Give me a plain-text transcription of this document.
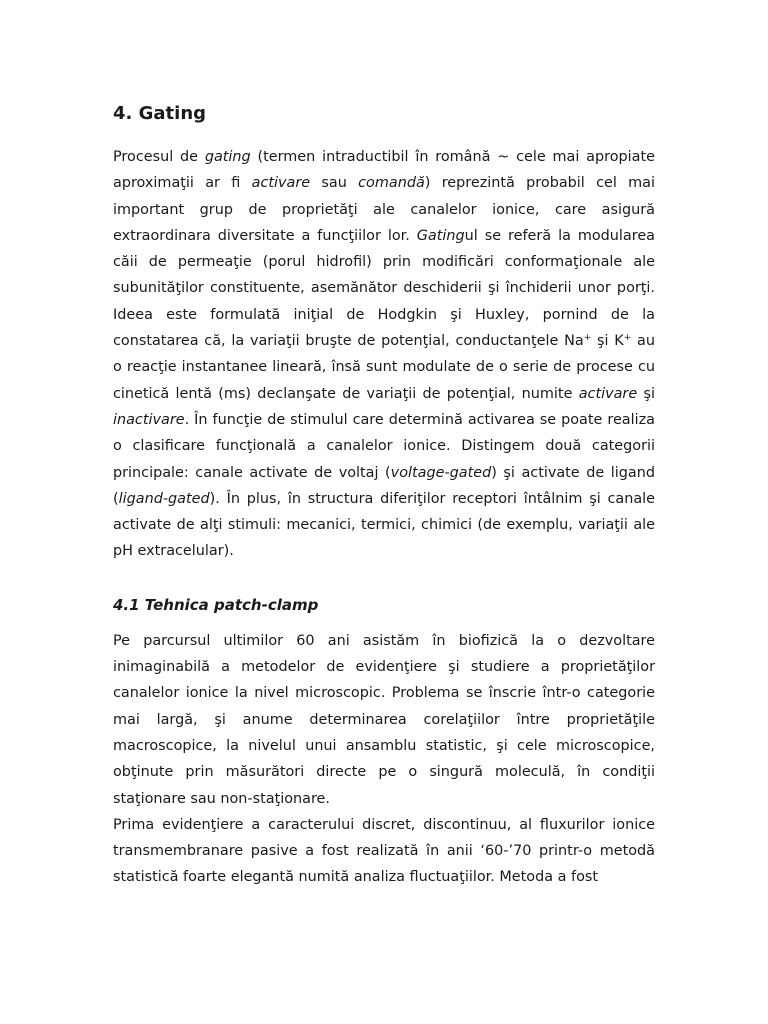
4. Gating

Procesul de gating (termen intraductibil în română ~ cele mai apropiate aproximaţii ar fi activare sau comandă) reprezintă probabil cel mai important grup de proprietăţi ale canalelor ionice, care asigură extraordinara diversitate a funcţiilor lor. Gatingul se referă la modularea căii de permeaţie (porul hidrofil) prin modificări conformaţionale ale subunităţilor constituente, asemănător deschiderii şi închiderii unor porţi. Ideea este formulată iniţial de Hodgkin şi Huxley, pornind de la constatarea că, la variaţii bruşte de potenţial, conductanţele Na+ şi K+ au o reacţie instantanee lineară, însă sunt modulate de o serie de procese cu cinetică lentă (ms) declanşate de variaţii de potenţial, numite activare şi inactivare. În funcţie de stimulul care determină activarea se poate realiza o clasificare funcţională a canalelor ionice. Distingem două categorii principale: canale activate de voltaj (voltage-gated) şi activate de ligand (ligand-gated). În plus, în structura diferiţilor receptori întâlnim şi canale activate de alţi stimuli: mecanici, termici, chimici (de exemplu, variaţii ale pH extracelular).

4.1 Tehnica patch-clamp

Pe parcursul ultimilor 60 ani asistăm în biofizică la o dezvoltare inimaginabilă a metodelor de evidenţiere şi studiere a proprietăţilor canalelor ionice la nivel microscopic. Problema se înscrie într-o categorie mai largă, şi anume determinarea corelaţiilor între proprietăţile macroscopice, la nivelul unui ansamblu statistic, şi cele microscopice, obţinute prin măsurători directe pe o singură moleculă, în condiţii staţionare sau non-staţionare.

Prima evidenţiere a caracterului discret, discontinuu, al fluxurilor ionice transmembranare pasive a fost realizată în anii ‘60-’70 printr-o metodă statistică foarte elegantă numită analiza fluctuaţiilor. Metoda a fost
